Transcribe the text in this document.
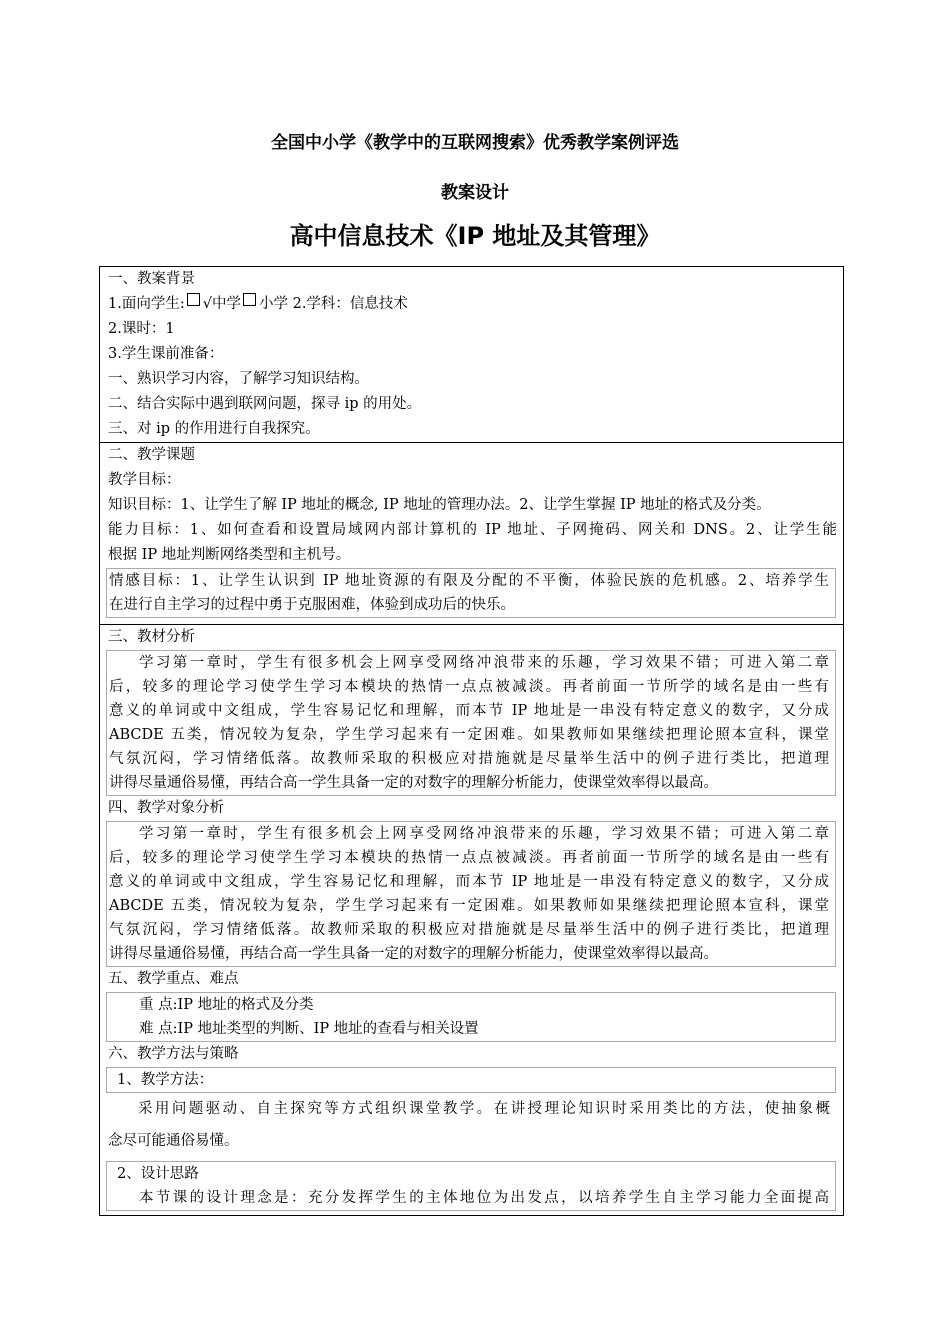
全国中小学《教学中的互联网搜索》优秀教学案例评选
教案设计
高中信息技术《IP 地址及其管理》
一、教案背景
1.面向学生: √中学 小学 2.学科：信息技术
2.课时：1
3.学生课前准备：
一、熟识学习内容，了解学习知识结构。
二、结合实际中遇到联网问题，探寻 ip 的用处。
三、对 ip 的作用进行自我探究。
二、教学课题
教学目标：
知识目标：1、让学生了解 IP 地址的概念, IP 地址的管理办法。2、让学生掌握 IP 地址的格式及分类。
能力目标：1、如何查看和设置局域网内部计算机的 IP 地址、子网掩码、网关和 DNS。2、让学生能
根据 IP 地址判断网络类型和主机号。
情感目标：1、让学生认识到 IP 地址资源的有限及分配的不平衡，体验民族的危机感。2、培养学生
在进行自主学习的过程中勇于克服困难，体验到成功后的快乐。
三、教材分析
学习第一章时，学生有很多机会上网享受网络冲浪带来的乐趣，学习效果不错；可进入第二章
后，较多的理论学习使学生学习本模块的热情一点点被减淡。再者前面一节所学的域名是由一些有
意义的单词或中文组成，学生容易记忆和理解，而本节 IP 地址是一串没有特定意义的数字，又分成
ABCDE 五类，情况较为复杂，学生学习起来有一定困难。如果教师如果继续把理论照本宣科，课堂
气氛沉闷，学习情绪低落。故教师采取的积极应对措施就是尽量举生活中的例子进行类比，把道理
讲得尽量通俗易懂，再结合高一学生具备一定的对数字的理解分析能力，使课堂效率得以最高。
四、教学对象分析
学习第一章时，学生有很多机会上网享受网络冲浪带来的乐趣，学习效果不错；可进入第二章
后，较多的理论学习使学生学习本模块的热情一点点被减淡。再者前面一节所学的域名是由一些有
意义的单词或中文组成，学生容易记忆和理解，而本节 IP 地址是一串没有特定意义的数字，又分成
ABCDE 五类，情况较为复杂，学生学习起来有一定困难。如果教师如果继续把理论照本宣科，课堂
气氛沉闷，学习情绪低落。故教师采取的积极应对措施就是尽量举生活中的例子进行类比，把道理
讲得尽量通俗易懂，再结合高一学生具备一定的对数字的理解分析能力，使课堂效率得以最高。
五、教学重点、难点
重 点:IP 地址的格式及分类
难 点:IP 地址类型的判断、IP 地址的查看与相关设置
六、教学方法与策略
1、教学方法：
采用问题驱动、自主探究等方式组织课堂教学。在讲授理论知识时采用类比的方法，使抽象概
念尽可能通俗易懂。
2、设计思路
本节课的设计理念是：充分发挥学生的主体地位为出发点，以培养学生自主学习能力全面提高
